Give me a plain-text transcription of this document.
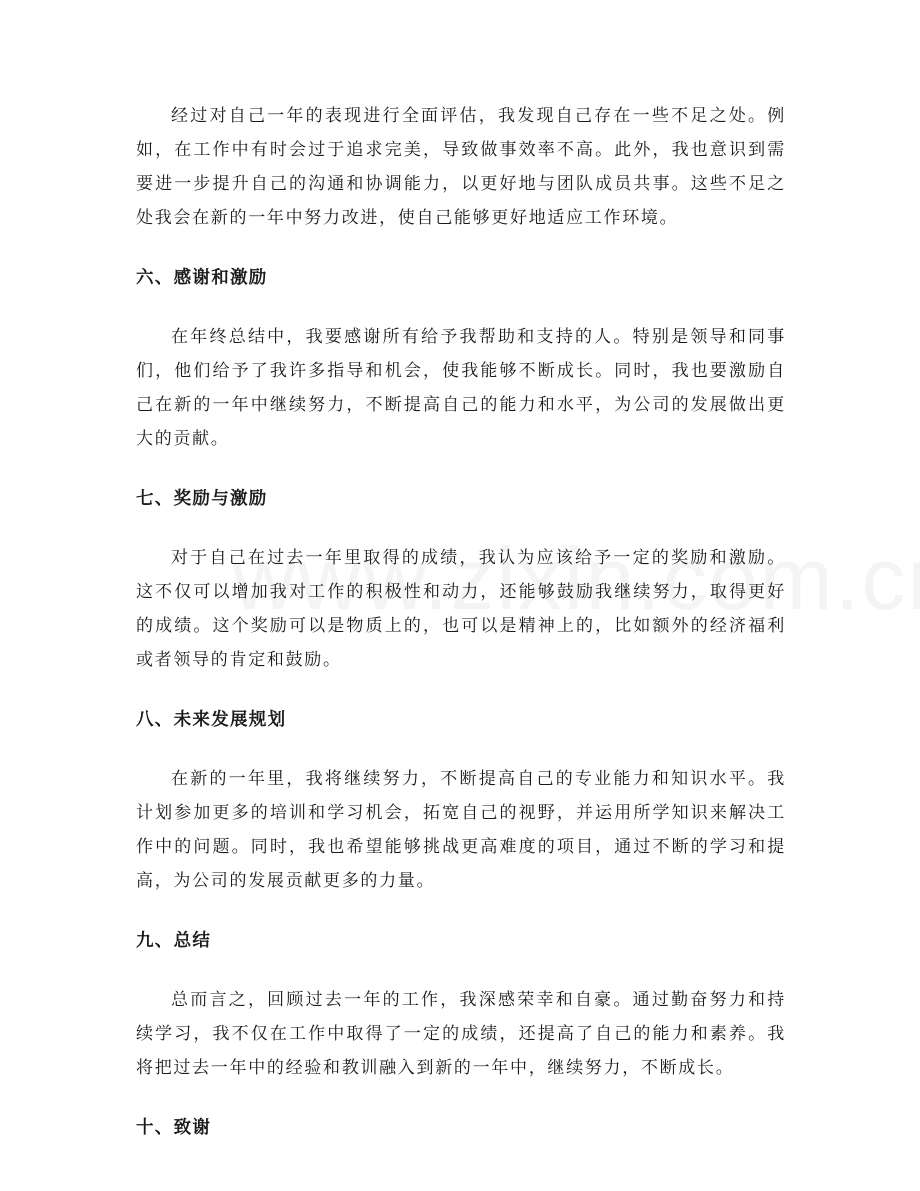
经过对自己一年的表现进行全面评估，我发现自己存在一些不足之处。例如，在工作中有时会过于追求完美，导致做事效率不高。此外，我也意识到需要进一步提升自己的沟通和协调能力，以更好地与团队成员共事。这些不足之处我会在新的一年中努力改进，使自己能够更好地适应工作环境。

六、感谢和激励

在年终总结中，我要感谢所有给予我帮助和支持的人。特别是领导和同事们，他们给予了我许多指导和机会，使我能够不断成长。同时，我也要激励自己在新的一年中继续努力，不断提高自己的能力和水平，为公司的发展做出更大的贡献。

七、奖励与激励

对于自己在过去一年里取得的成绩，我认为应该给予一定的奖励和激励。这不仅可以增加我对工作的积极性和动力，还能够鼓励我继续努力，取得更好的成绩。这个奖励可以是物质上的，也可以是精神上的，比如额外的经济福利或者领导的肯定和鼓励。

八、未来发展规划

在新的一年里，我将继续努力，不断提高自己的专业能力和知识水平。我计划参加更多的培训和学习机会，拓宽自己的视野，并运用所学知识来解决工作中的问题。同时，我也希望能够挑战更高难度的项目，通过不断的学习和提高，为公司的发展贡献更多的力量。

九、总结

总而言之，回顾过去一年的工作，我深感荣幸和自豪。通过勤奋努力和持续学习，我不仅在工作中取得了一定的成绩，还提高了自己的能力和素养。我将把过去一年中的经验和教训融入到新的一年中，继续努力，不断成长。

十、致谢
